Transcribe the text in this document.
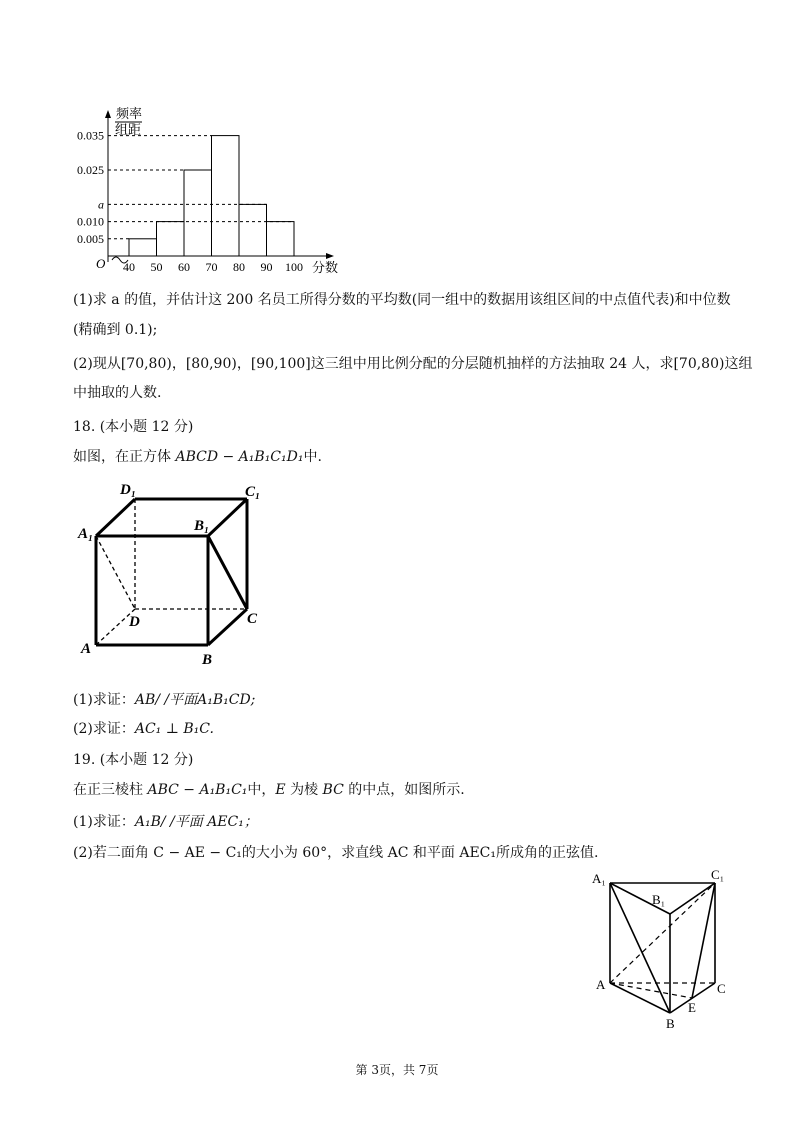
频率
组距
分数
O
0.035
0.025
a
0.010
0.005
40 50 60 70 80 90 100
(1)求 a 的值，并估计这 200 名员工所得分数的平均数(同一组中的数据用该组区间的中点值代表)和中位数
(精确到 0.1);
(2)现从[70,80)，[80,90)，[90,100]这三组中用比例分配的分层随机抽样的方法抽取 24 人，求[70,80)这组
中抽取的人数.
18. (本小题 12 分)
如图，在正方体 ABCD − A₁B₁C₁D₁中.
D₁	C₁
A₁	B₁
D	C
A
B
(1)求证：AB/ /平面A₁B₁CD;
(2)求证：AC₁ ⊥ B₁C.
19. (本小题 12 分)
在正三棱柱 ABC − A₁B₁C₁中，E 为棱 BC 的中点，如图所示.
(1)求证：A₁B/ /平面 AEC₁；
(2)若二面角 C − AE − C₁的大小为 60°，求直线 AC 和平面 AEC₁所成角的正弦值.
A₁	C₁
B₁
A	C
B
E
第 3页，共 7页
